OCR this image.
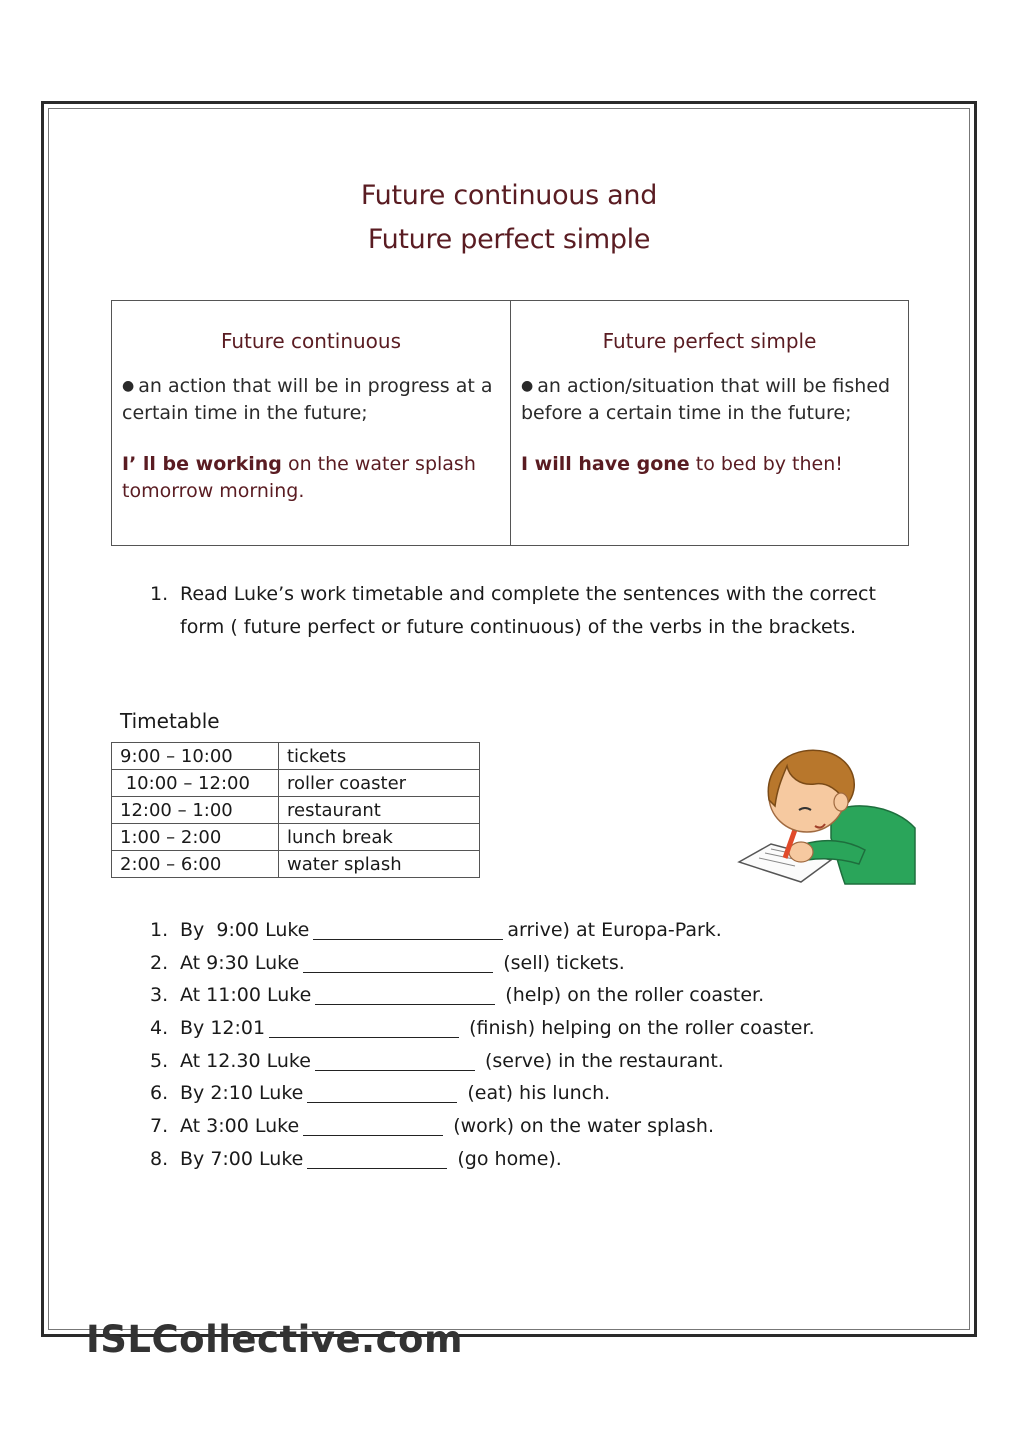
Future continuous and
Future perfect simple
Future continuous
● an action that will be in progress at a certain time in the future;
I’ ll be working on the water splash tomorrow morning.
Future perfect simple
● an action/situation that will be fished before a certain time in the future;
I will have gone to bed by then!
1. Read Luke’s work timetable and complete the sentences with the correct form ( future perfect or future continuous) of the verbs in the brackets.
Timetable
9:00 – 10:00	tickets
10:00 – 12:00	roller coaster
12:00 – 1:00	restaurant
1:00 – 2:00	lunch break
2:00 – 6:00	water splash
1. By  9:00 Luke	arrive) at Europa-Park.
2. At 9:30 Luke	(sell) tickets.
3. At 11:00 Luke	(help) on the roller coaster.
4. By 12:01	(finish) helping on the roller coaster.
5. At 12.30 Luke	(serve) in the restaurant.
6. By 2:10 Luke	(eat) his lunch.
7. At 3:00 Luke	(work) on the water splash.
8. By 7:00 Luke	(go home).
ISLCollective.com
